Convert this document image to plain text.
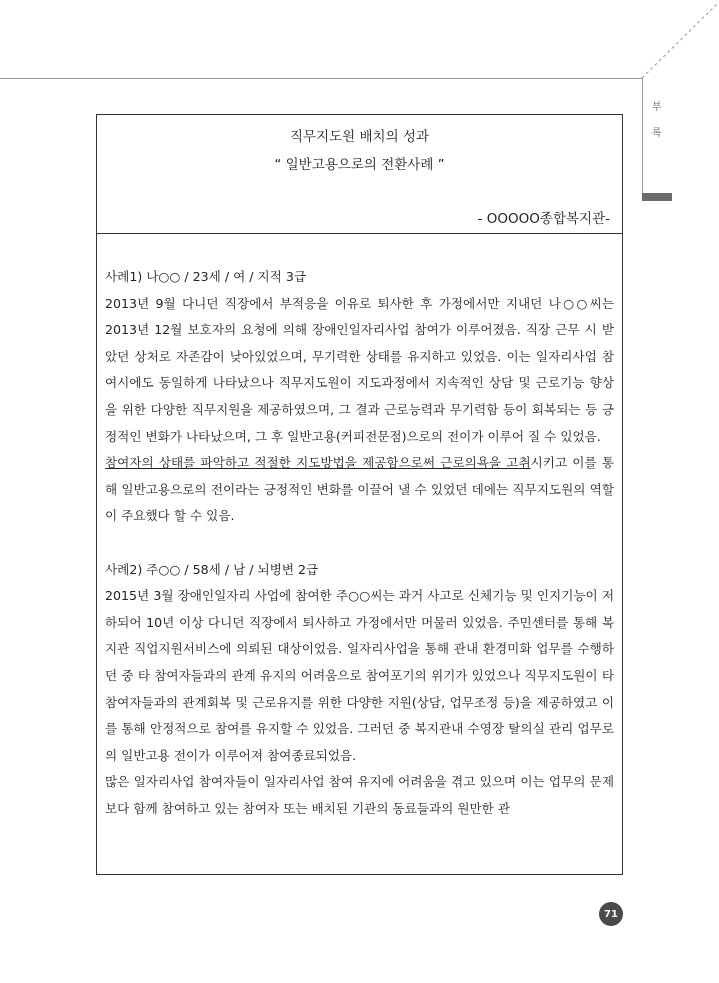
부
록
직무지도원 배치의 성과
“ 일반고용으로의 전환사례 ”
- OOOOO종합복지관-

사례1) 나○○ / 23세 / 여 / 지적 3급

2013년 9월 다니던 직장에서 부적응을 이유로 퇴사한 후 가정에서만 지내던 나○○씨는 2013년 12월 보호자의 요청에 의해 장애인일자리사업 참여가 이루어졌음. 직장 근무 시 받았던 상처로 자존감이 낮아있었으며, 무기력한 상태를 유지하고 있었음. 이는 일자리사업 참여시에도 동일하게 나타났으나 직무지도원이 지도과정에서 지속적인 상담 및 근로기능 향상을 위한 다양한 직무지원을 제공하였으며, 그 결과 근로능력과 무기력함 등이 회복되는 등 긍정적인 변화가 나타났으며, 그 후 일반고용(커피전문점)으로의 전이가 이루어 질 수 있었음.

참여자의 상태를 파악하고 적절한 지도방법을 제공함으로써 근로의욕을 고취시키고 이를 통해 일반고용으로의 전이라는 긍정적인 변화를 이끌어 낼 수 있었던 데에는 직무지도원의 역할이 주요했다 할 수 있음.

사례2) 주○○ / 58세 / 남 / 뇌병변 2급

2015년 3월 장애인일자리 사업에 참여한 주○○씨는 과거 사고로 신체기능 및 인지기능이 저하되어 10년 이상 다니던 직장에서 퇴사하고 가정에서만 머물러 있었음. 주민센터를 통해 복지관 직업지원서비스에 의뢰된 대상이었음. 일자리사업을 통해 관내 환경미화 업무를 수행하던 중 타 참여자들과의 관계 유지의 어려움으로 참여포기의 위기가 있었으나 직무지도원이 타 참여자들과의 관계회복 및 근로유지를 위한 다양한 지원(상담, 업무조정 등)을 제공하였고 이를 통해 안정적으로 참여를 유지할 수 있었음. 그러던 중 복지관내 수영장 탈의실 관리 업무로의 일반고용 전이가 이루어져 참여종료되었음.

많은 일자리사업 참여자들이 일자리사업 참여 유지에 어려움을 겪고 있으며 이는 업무의 문제보다 함께 참여하고 있는 참여자 또는 배치된 기관의 동료들과의 원만한 관

71
